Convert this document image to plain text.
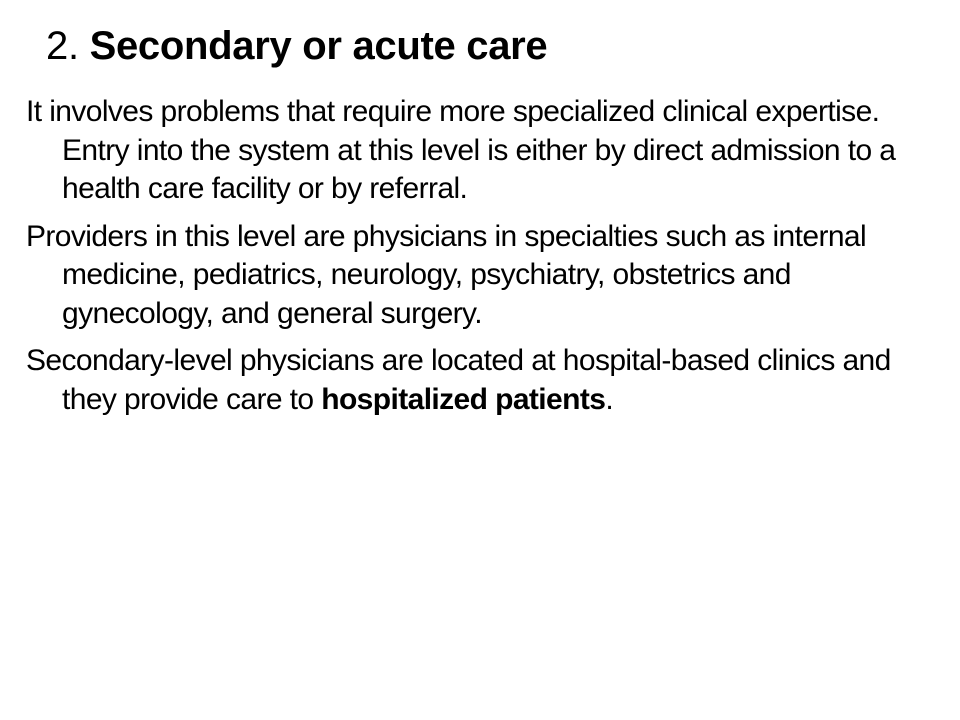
2. Secondary or acute care

It involves problems that require more specialized clinical expertise. Entry into the system at this level is either by direct admission to a health care facility or by referral.

Providers in this level are physicians in specialties such as internal medicine, pediatrics, neurology, psychiatry, obstetrics and gynecology, and general surgery.

Secondary-level physicians are located at hospital-based clinics and they provide care to hospitalized patients.
